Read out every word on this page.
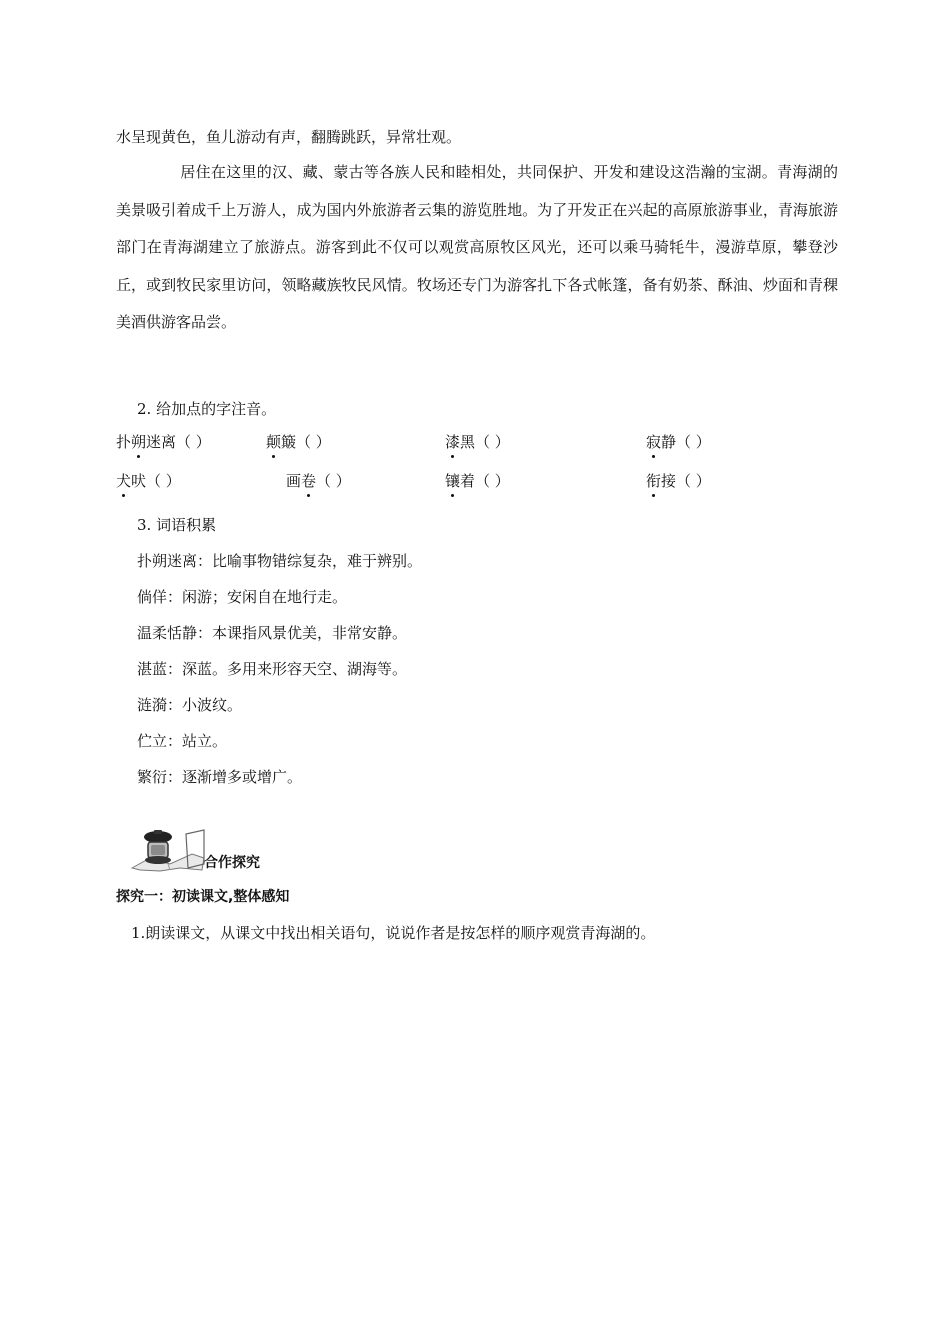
水呈现黄色，鱼儿游动有声，翻腾跳跃，异常壮观。
居住在这里的汉、藏、蒙古等各族人民和睦相处，共同保护、开发和建设这浩瀚的宝湖。青海湖的美景吸引着成千上万游人，成为国内外旅游者云集的游览胜地。为了开发正在兴起的高原旅游事业，青海旅游部门在青海湖建立了旅游点。游客到此不仅可以观赏高原牧区风光，还可以乘马骑牦牛，漫游草原，攀登沙丘，或到牧民家里访问，领略藏族牧民风情。牧场还专门为游客扎下各式帐篷，备有奶茶、酥油、炒面和青稞美酒供游客品尝。
2. 给加点的字注音。
扑朔迷离（ ）	颠簸（ ）	漆黑（ ）	寂静（ ）
犬吠（ ）	画卷（ ）	镶着（ ）	衔接（ ）
3. 词语积累
扑朔迷离：比喻事物错综复杂，难于辨别。
倘佯：闲游；安闲自在地行走。
温柔恬静：本课指风景优美，非常安静。
湛蓝：深蓝。多用来形容天空、湖海等。
涟漪：小波纹。
伫立：站立。
繁衍：逐渐增多或增广。
合作探究
探究一：初读课文,整体感知
1.朗读课文，从课文中找出相关语句，说说作者是按怎样的顺序观赏青海湖的。
